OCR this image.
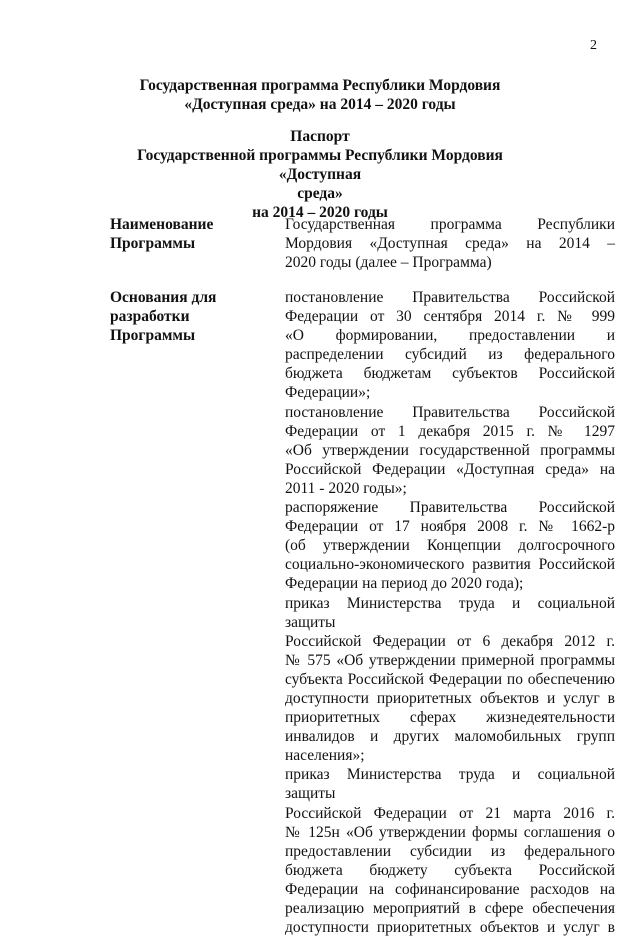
2
Государственная программа Республики Мордовия
«Доступная среда» на 2014 – 2020 годы
Паспорт
Государственной программы Республики Мордовия «Доступная
среда»
на 2014 – 2020 годы
Наименование
Программы

Государственная программа Республики
Мордовия «Доступная среда» на 2014 –
2020 годы (далее – Программа)

Основания для
разработки
Программы

постановление Правительства Российской
Федерации от 30 сентября 2014 г. № 999
«О формировании, предоставлении и
распределении субсидий из федерального
бюджета бюджетам субъектов Российской
Федерации»;

постановление Правительства Российской
Федерации от 1 декабря 2015 г. № 1297
«Об утверждении государственной программы
Российской Федерации «Доступная среда» на
2011 - 2020 годы»;

распоряжение Правительства Российской
Федерации от 17 ноября 2008 г. № 1662-р
(об утверждении Концепции долгосрочного
социально-экономического развития Российской
Федерации на период до 2020 года);

приказ Министерства труда и социальной защиты
Российской Федерации от 6 декабря 2012 г.
№ 575 «Об утверждении примерной программы
субъекта Российской Федерации по обеспечению
доступности приоритетных объектов и услуг в
приоритетных сферах жизнедеятельности
инвалидов и других маломобильных групп
населения»;

приказ Министерства труда и социальной защиты
Российской Федерации от 21 марта 2016 г.
№ 125н «Об утверждении формы соглашения о
предоставлении субсидии из федерального
бюджета бюджету субъекта Российской
Федерации на софинансирование расходов на
реализацию мероприятий в сфере обеспечения
доступности приоритетных объектов и услуг в
